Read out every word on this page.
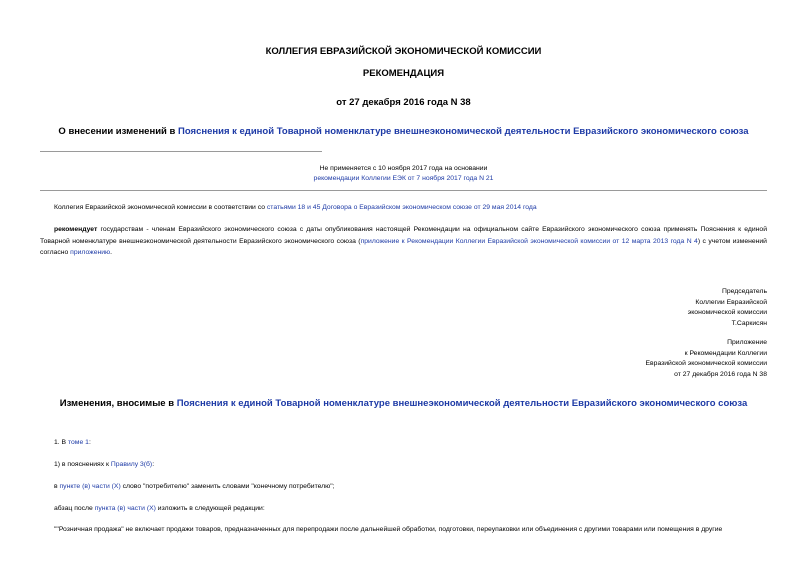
КОЛЛЕГИЯ ЕВРАЗИЙСКОЙ ЭКОНОМИЧЕСКОЙ КОМИССИИ

РЕКОМЕНДАЦИЯ

от 27 декабря 2016 года N 38

О внесении изменений в Пояснения к единой Товарной номенклатуре внешнеэкономической деятельности Евразийского экономического союза

Не применяется с 10 ноября 2017 года на основании

рекомендации Коллегии ЕЭК от 7 ноября 2017 года N 21

Коллегия Евразийской экономической комиссии в соответствии со статьями 18 и 45 Договора о Евразийском экономическом союзе от 29 мая 2014 года

рекомендует государствам - членам Евразийского экономического союза с даты опубликования настоящей Рекомендации на официальном сайте Евразийского экономического союза применять Пояснения к единой Товарной номенклатуре внешнеэкономической деятельности Евразийского экономического союза (приложение к Рекомендации Коллегии Евразийской экономической комиссии от 12 марта 2013 года N 4) с учетом изменений согласно приложению.

Председатель
Коллегии Евразийской
экономической комиссии
Т.Саркисян
Приложение
к Рекомендации Коллегии
Евразийской экономической комиссии
от 27 декабря 2016 года N 38

Изменения, вносимые в Пояснения к единой Товарной номенклатуре внешнеэкономической деятельности Евразийского экономического союза

1. В томе 1:

1) в пояснениях к Правилу 3(б):

в пункте (в) части (X) слово "потребителю" заменить словами "конечному потребителю";

абзац после пункта (в) части (X) изложить в следующей редакции:

""Розничная продажа" не включает продажи товаров, предназначенных для перепродажи после дальнейшей обработки, подготовки, переупаковки или объединения с другими товарами или помещения в другие
